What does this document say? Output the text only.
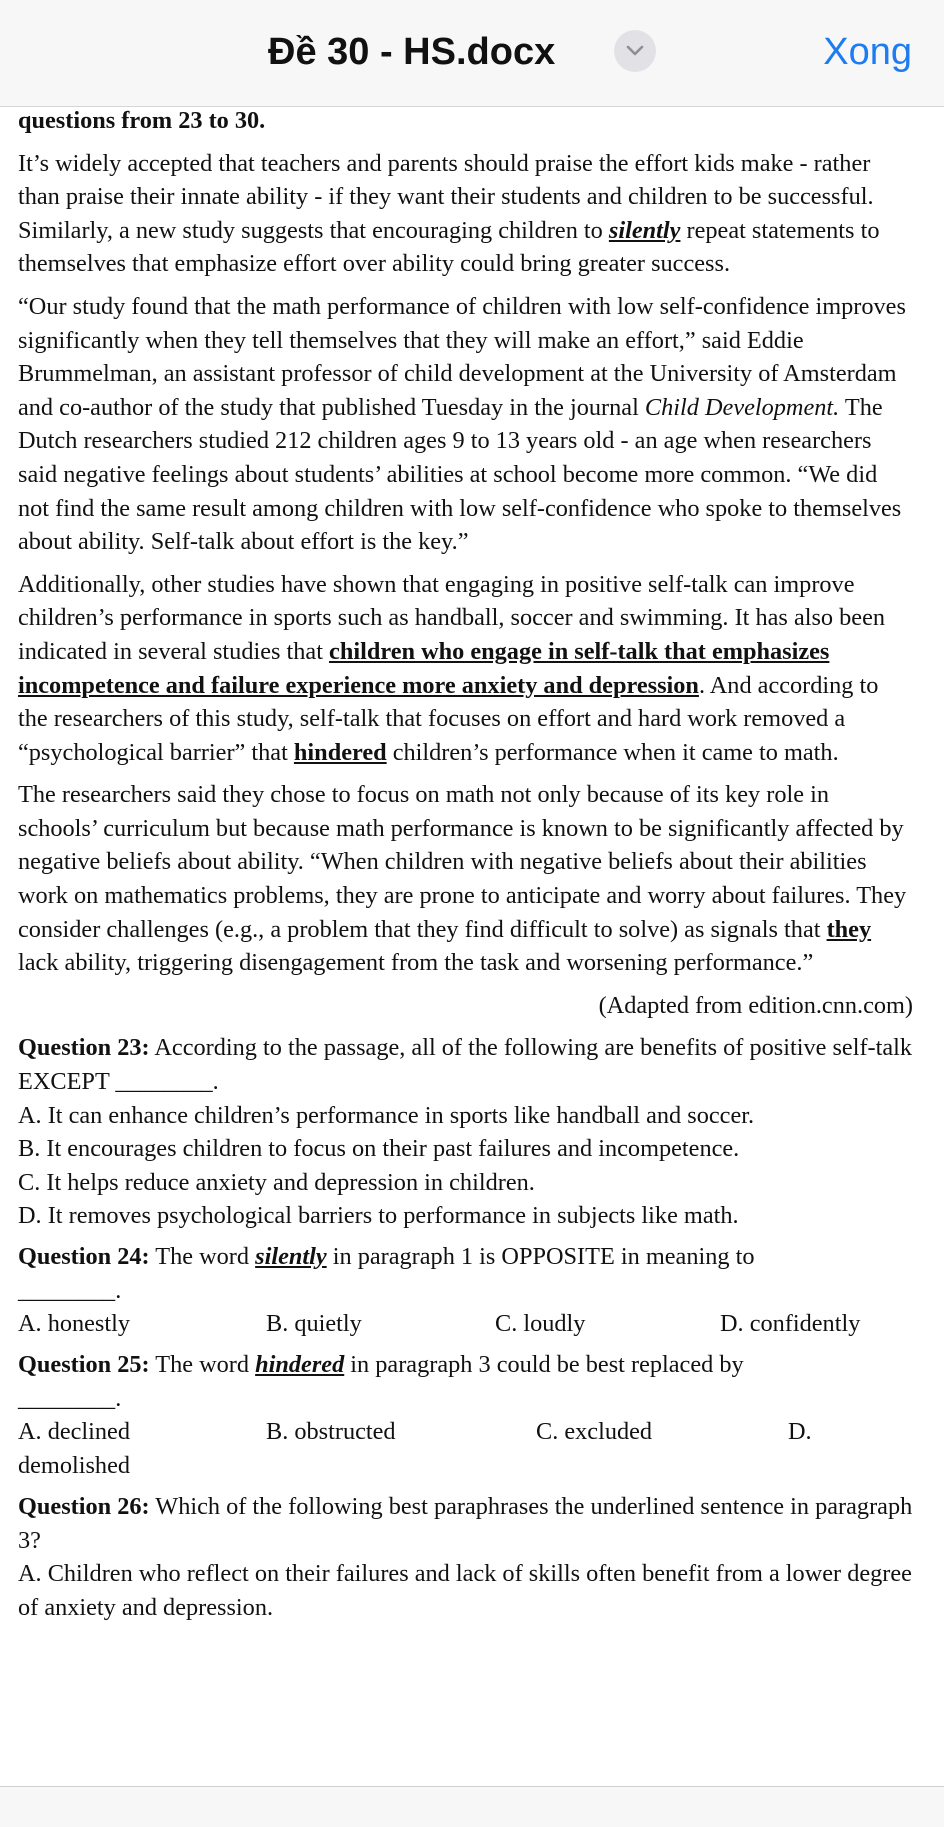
Đề 30 - HS.docx	Xong

questions from 23 to 30.

It’s widely accepted that teachers and parents should praise the effort kids make - rather than praise their innate ability - if they want their students and children to be successful. Similarly, a new study suggests that encouraging children to silently repeat statements to themselves that emphasize effort over ability could bring greater success.

“Our study found that the math performance of children with low self-confidence improves significantly when they tell themselves that they will make an effort,” said Eddie Brummelman, an assistant professor of child development at the University of Amsterdam and co-author of the study that published Tuesday in the journal Child Development. The Dutch researchers studied 212 children ages 9 to 13 years old - an age when researchers said negative feelings about students’ abilities at school become more common. “We did not find the same result among children with low self-confidence who spoke to themselves about ability. Self-talk about effort is the key.”

Additionally, other studies have shown that engaging in positive self-talk can improve children’s performance in sports such as handball, soccer and swimming. It has also been indicated in several studies that children who engage in self-talk that emphasizes incompetence and failure experience more anxiety and depression. And according to the researchers of this study, self-talk that focuses on effort and hard work removed a “psychological barrier” that hindered children’s performance when it came to math.

The researchers said they chose to focus on math not only because of its key role in schools’ curriculum but because math performance is known to be significantly affected by negative beliefs about ability. “When children with negative beliefs about their abilities work on mathematics problems, they are prone to anticipate and worry about failures. They consider challenges (e.g., a problem that they find difficult to solve) as signals that they lack ability, triggering disengagement from the task and worsening performance.”

(Adapted from edition.cnn.com)

Question 23: According to the passage, all of the following are benefits of positive self-talk EXCEPT ________.

A. It can enhance children’s performance in sports like handball and soccer.

B. It encourages children to focus on their past failures and incompetence.

C. It helps reduce anxiety and depression in children.

D. It removes psychological barriers to performance in subjects like math.

Question 24: The word silently in paragraph 1 is OPPOSITE in meaning to

________.

A. honestly	B. quietly	C. loudly	D. confidently

Question 25: The word hindered in paragraph 3 could be best replaced by

________.

A. declined	B. obstructed	C. excluded	D.

demolished

Question 26: Which of the following best paraphrases the underlined sentence in paragraph 3?

A. Children who reflect on their failures and lack of skills often benefit from a lower degree of anxiety and depression.
